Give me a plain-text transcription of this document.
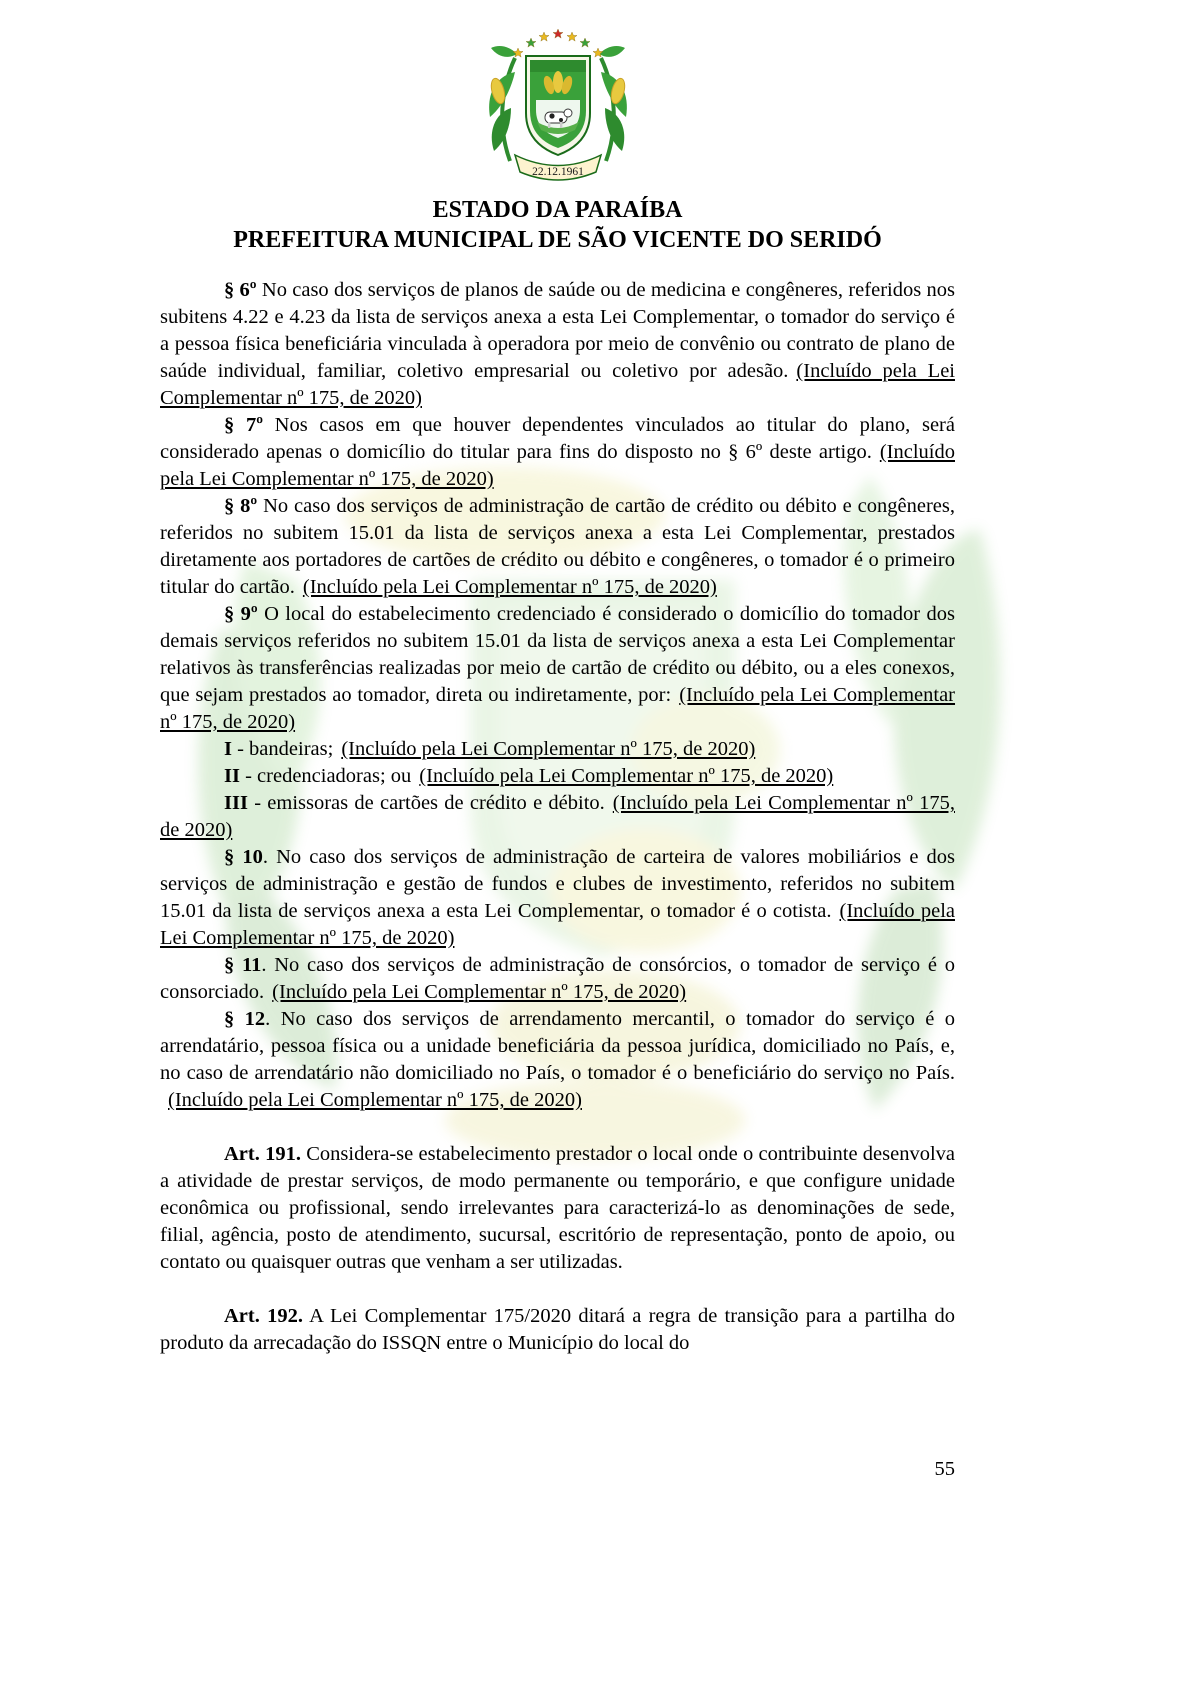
22.12.1961
ESTADO DA PARAÍBA
PREFEITURA MUNICIPAL DE SÃO VICENTE DO SERIDÓ

§ 6º No caso dos serviços de planos de saúde ou de medicina e congêneres, referidos nos subitens 4.22 e 4.23 da lista de serviços anexa a esta Lei Complementar, o tomador do serviço é a pessoa física beneficiária vinculada à operadora por meio de convênio ou contrato de plano de saúde individual, familiar, coletivo empresarial ou coletivo por adesão. (Incluído pela Lei Complementar nº 175, de 2020)

§ 7º Nos casos em que houver dependentes vinculados ao titular do plano, será considerado apenas o domicílio do titular para fins do disposto no § 6º deste artigo. (Incluído pela Lei Complementar nº 175, de 2020)

§ 8º No caso dos serviços de administração de cartão de crédito ou débito e congêneres, referidos no subitem 15.01 da lista de serviços anexa a esta Lei Complementar, prestados diretamente aos portadores de cartões de crédito ou débito e congêneres, o tomador é o primeiro titular do cartão. (Incluído pela Lei Complementar nº 175, de 2020)

§ 9º O local do estabelecimento credenciado é considerado o domicílio do tomador dos demais serviços referidos no subitem 15.01 da lista de serviços anexa a esta Lei Complementar relativos às transferências realizadas por meio de cartão de crédito ou débito, ou a eles conexos, que sejam prestados ao tomador, direta ou indiretamente, por: (Incluído pela Lei Complementar nº 175, de 2020)

I - bandeiras; (Incluído pela Lei Complementar nº 175, de 2020)

II - credenciadoras; ou (Incluído pela Lei Complementar nº 175, de 2020)

III - emissoras de cartões de crédito e débito. (Incluído pela Lei Complementar nº 175, de 2020)

§ 10. No caso dos serviços de administração de carteira de valores mobiliários e dos serviços de administração e gestão de fundos e clubes de investimento, referidos no subitem 15.01 da lista de serviços anexa a esta Lei Complementar, o tomador é o cotista. (Incluído pela Lei Complementar nº 175, de 2020)

§ 11. No caso dos serviços de administração de consórcios, o tomador de serviço é o consorciado. (Incluído pela Lei Complementar nº 175, de 2020)

§ 12. No caso dos serviços de arrendamento mercantil, o tomador do serviço é o arrendatário, pessoa física ou a unidade beneficiária da pessoa jurídica, domiciliado no País, e, no caso de arrendatário não domiciliado no País, o tomador é o beneficiário do serviço no País.(Incluído pela Lei Complementar nº 175, de 2020)

Art. 191. Considera-se estabelecimento prestador o local onde o contribuinte desenvolva a atividade de prestar serviços, de modo permanente ou temporário, e que configure unidade econômica ou profissional, sendo irrelevantes para caracterizá-lo as denominações de sede, filial, agência, posto de atendimento, sucursal, escritório de representação, ponto de apoio, ou contato ou quaisquer outras que venham a ser utilizadas.

Art. 192. A Lei Complementar 175/2020 ditará a regra de transição para a partilha do produto da arrecadação do ISSQN entre o Município do local do

55
